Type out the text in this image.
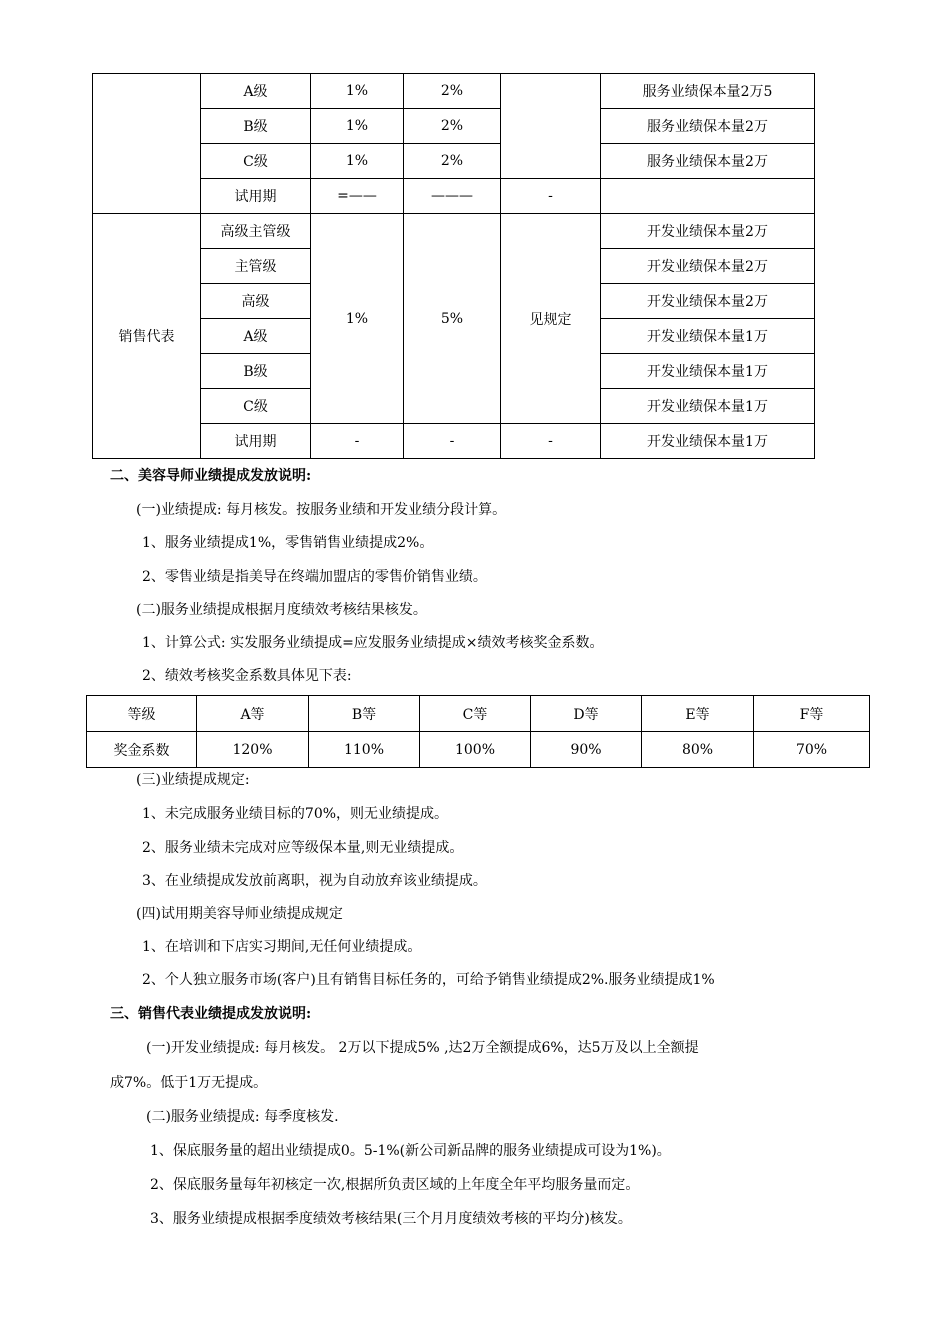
	A级	1%	2%		服务业绩保本量2万5
	B级	1%	2%		服务业绩保本量2万
	C级	1%	2%		服务业绩保本量2万
	试用期	=——	———	-	
销售代表	高级主管级	1%	5%	见规定	开发业绩保本量2万
	主管级				开发业绩保本量2万
	高级				开发业绩保本量2万
	A级				开发业绩保本量1万
	B级				开发业绩保本量1万
	C级				开发业绩保本量1万
	试用期	-	-	-	开发业绩保本量1万
二、美容导师业绩提成发放说明:
(一)业绩提成: 每月核发。按服务业绩和开发业绩分段计算。
1、服务业绩提成1%，零售销售业绩提成2%。
2、零售业绩是指美导在终端加盟店的零售价销售业绩。
(二)服务业绩提成根据月度绩效考核结果核发。
1、计算公式: 实发服务业绩提成=应发服务业绩提成×绩效考核奖金系数。
2、绩效考核奖金系数具体见下表:
等级	A等	B等	C等	D等	E等	F等
奖金系数	120%	110%	100%	90%	80%	70%
(三)业绩提成规定:
1、未完成服务业绩目标的70%，则无业绩提成。
2、服务业绩未完成对应等级保本量,则无业绩提成。
3、在业绩提成发放前离职，视为自动放弃该业绩提成。
(四)试用期美容导师业绩提成规定
1、在培训和下店实习期间,无任何业绩提成。
2、个人独立服务市场(客户)且有销售目标任务的，可给予销售业绩提成2%.服务业绩提成1%
三、销售代表业绩提成发放说明:
(一)开发业绩提成: 每月核发。 2万以下提成5% ,达2万全额提成6%，达5万及以上全额提
成7%。低于1万无提成。
(二)服务业绩提成: 每季度核发.
1、保底服务量的超出业绩提成0。5-1%(新公司新品牌的服务业绩提成可设为1%)。
2、保底服务量每年初核定一次,根据所负责区域的上年度全年平均服务量而定。
3、服务业绩提成根据季度绩效考核结果(三个月月度绩效考核的平均分)核发。
